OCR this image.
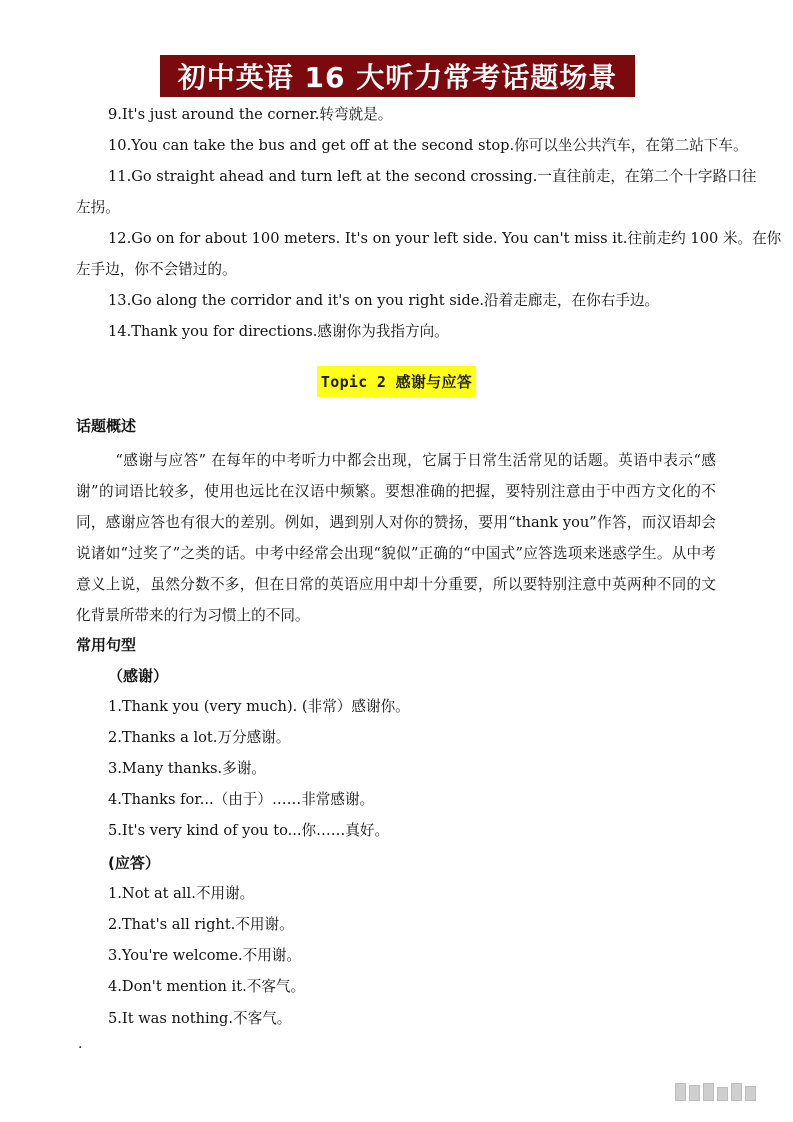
初中英语 16 大听力常考话题场景
9.It's just around the corner.转弯就是。
10.You can take the bus and get off at the second stop.你可以坐公共汽车，在第二站下车。
11.Go straight ahead and turn left at the second crossing.一直往前走，在第二个十字路口往
左拐。
12.Go on for about 100 meters. It's on your left side. You can't miss it.往前走约 100 米。在你
左手边，你不会错过的。
13.Go along the corridor and it's on you right side.沿着走廊走，在你右手边。
14.Thank you for directions.感谢你为我指方向。
Topic 2 感谢与应答
话题概述
“感谢与应答” 在每年的中考听力中都会出现，它属于日常生活常见的话题。英语中表示“感谢”的词语比较多，使用也远比在汉语中频繁。要想准确的把握，要特别注意由于中西方文化的不同，感谢应答也有很大的差别。例如，遇到别人对你的赞扬，要用“thank you”作答，而汉语却会说诸如“过奖了”之类的话。中考中经常会出现“貌似”正确的“中国式”应答选项来迷惑学生。从中考意义上说，虽然分数不多，但在日常的英语应用中却十分重要，所以要特别注意中英两种不同的文化背景所带来的行为习惯上的不同。
常用句型
（感谢）
1.Thank you (very much). (非常）感谢你。
2.Thanks a lot.万分感谢。
3.Many thanks.多谢。
4.Thanks for...（由于）……非常感谢。
5.It's very kind of you to...你……真好。
(应答）
1.Not at all.不用谢。
2.That's all right.不用谢。
3.You're welcome.不用谢。
4.Don't mention it.不客气。
5.It was nothing.不客气。
·
